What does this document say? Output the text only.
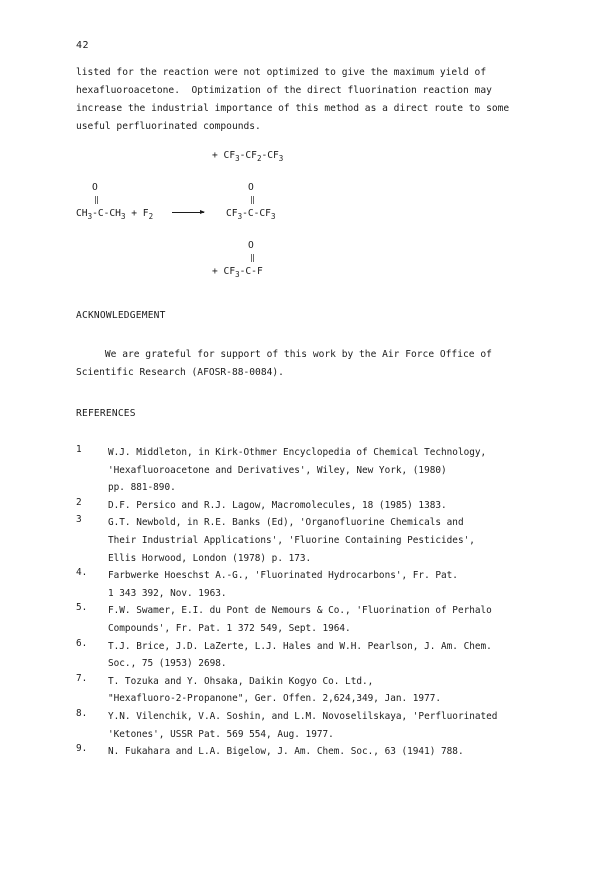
42
listed for the reaction were not optimized to give the maximum yield of
hexafluoroacetone.  Optimization of the direct fluorination reaction may
increase the industrial importance of this method as a direct route to some
useful perfluorinated compounds.
+ $CF_3-CF_2-CF_3$
O
‖
$CH_3-C-CH_3 + F_2$ →
O
‖
$CF_3-C-CF_3$
O
‖
+ $CF_3-C-F$
ACKNOWLEDGEMENT
We are grateful for support of this work by the Air Force Office of
Scientific Research (AFOSR-88-0084).
REFERENCES
1	W.J. Middleton, in Kirk-Othmer Encyclopedia of Chemical Technology,
'Hexafluoroacetone and Derivatives', Wiley, New York, (1980)
pp. 881-890.
2	D.F. Persico and R.J. Lagow, Macromolecules, 18 (1985) 1383.
3	G.T. Newbold, in R.E. Banks (Ed), 'Organofluorine Chemicals and
Their Industrial Applications', 'Fluorine Containing Pesticides',
Ellis Horwood, London (1978) p. 173.
4.	Farbwerke Hoeschst A.-G., 'Fluorinated Hydrocarbons', Fr. Pat.
1 343 392, Nov. 1963.
5.	F.W. Swamer, E.I. du Pont de Nemours & Co., 'Fluorination of Perhalo
Compounds', Fr. Pat. 1 372 549, Sept. 1964.
6.	T.J. Brice, J.D. LaZerte, L.J. Hales and W.H. Pearlson, J. Am. Chem.
Soc., 75 (1953) 2698.
7.	T. Tozuka and Y. Ohsaka, Daikin Kogyo Co. Ltd.,
"Hexafluoro-2-Propanone", Ger. Offen. 2,624,349, Jan. 1977.
8.	Y.N. Vilenchik, V.A. Soshin, and L.M. Novoselilskaya, 'Perfluorinated
'Ketones', USSR Pat. 569 554, Aug. 1977.
9.	N. Fukahara and L.A. Bigelow, J. Am. Chem. Soc., 63 (1941) 788.
